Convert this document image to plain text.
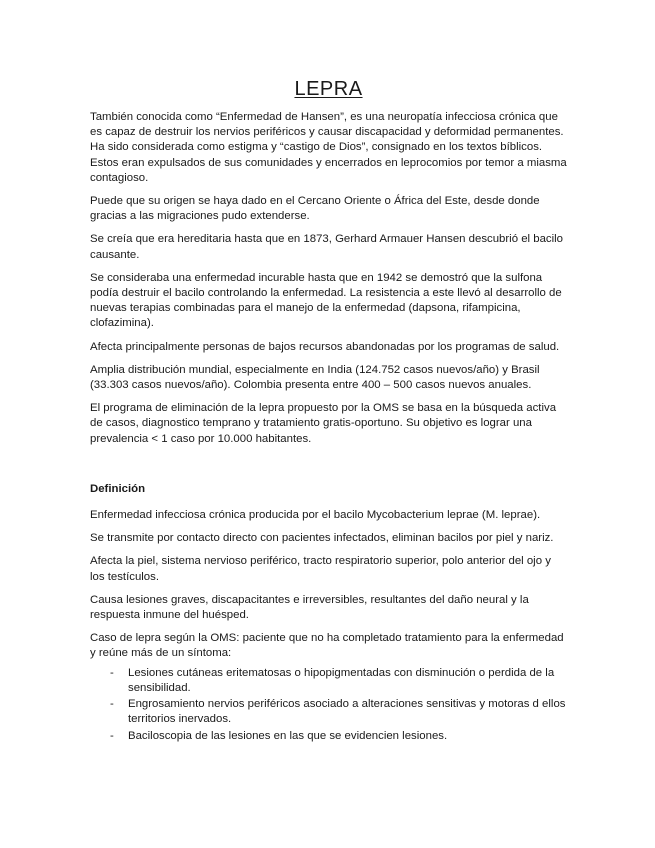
LEPRA

También conocida como “Enfermedad de Hansen”, es una neuropatía infecciosa crónica que es capaz de destruir los nervios periféricos y causar discapacidad y deformidad permanentes. Ha sido considerada como estigma y “castigo de Dios”, consignado en los textos bíblicos. Estos eran expulsados de sus comunidades y encerrados en leprocomios por temor a miasma contagioso.

Puede que su origen se haya dado en el Cercano Oriente o África del Este, desde donde gracias a las migraciones pudo extenderse.

Se creía que era hereditaria hasta que en 1873, Gerhard Armauer Hansen descubrió el bacilo causante.

Se consideraba una enfermedad incurable hasta que en 1942 se demostró que la sulfona podía destruir el bacilo controlando la enfermedad. La resistencia a este llevó al desarrollo de nuevas terapias combinadas para el manejo de la enfermedad (dapsona, rifampicina, clofazimina).

Afecta principalmente personas de bajos recursos abandonadas por los programas de salud.

Amplia distribución mundial, especialmente en India (124.752 casos nuevos/año) y Brasil (33.303 casos nuevos/año). Colombia presenta entre 400 – 500 casos nuevos anuales.

El programa de eliminación de la lepra propuesto por la OMS se basa en la búsqueda activa de casos, diagnostico temprano y tratamiento gratis-oportuno. Su objetivo es lograr una prevalencia < 1 caso por 10.000 habitantes.

Definición

Enfermedad infecciosa crónica producida por el bacilo Mycobacterium leprae (M. leprae).

Se transmite por contacto directo con pacientes infectados, eliminan bacilos por piel y nariz.

Afecta la piel, sistema nervioso periférico, tracto respiratorio superior, polo anterior del ojo y los testículos.

Causa lesiones graves, discapacitantes e irreversibles, resultantes del daño neural y la respuesta inmune del huésped.

Caso de lepra según la OMS: paciente que no ha completado tratamiento para la enfermedad y reúne más de un síntoma:

- Lesiones cutáneas eritematosas o hipopigmentadas con disminución o perdida de la sensibilidad.
- Engrosamiento nervios periféricos asociado a alteraciones sensitivas y motoras d ellos territorios inervados.
- Baciloscopia de las lesiones en las que se evidencien lesiones.
